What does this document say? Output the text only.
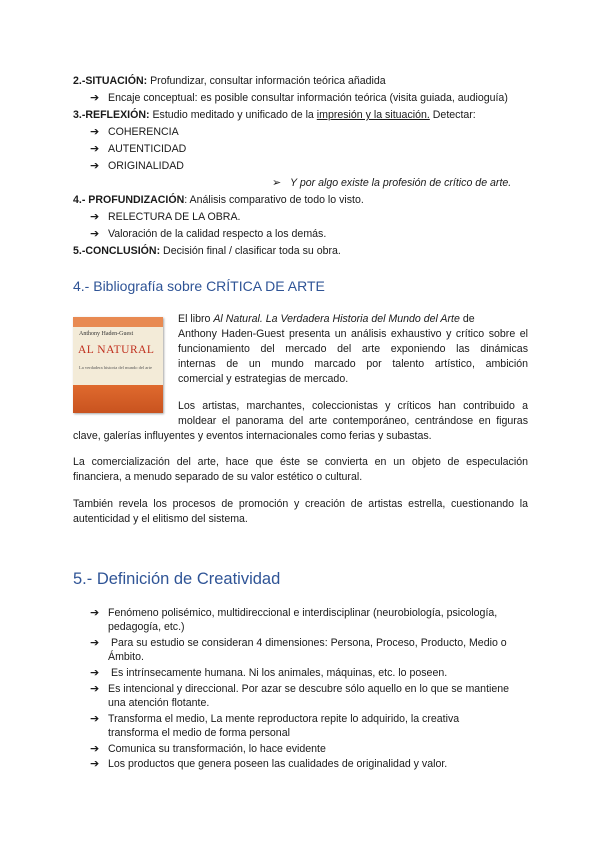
2.-SITUACIÓN: Profundizar, consultar información teórica añadida
➔ Encaje conceptual: es posible consultar información teórica (visita guiada, audioguía)
3.-REFLEXIÓN: Estudio meditado y unificado de la impresión y la situación. Detectar:
➔ COHERENCIA
➔ AUTENTICIDAD
➔ ORIGINALIDAD
➢ Y por algo existe la profesión de crítico de arte.
4.- PROFUNDIZACIÓN: Análisis comparativo de todo lo visto.
➔ RELECTURA DE LA OBRA.
➔ Valoración de la calidad respecto a los demás.
5.-CONCLUSIÓN: Decisión final / clasificar toda su obra.
4.- Bibliografía sobre CRÍTICA DE ARTE
Anthony Haden-Guest
AL NATURAL
La verdadera historia del mundo del arte
El libro Al Natural. La Verdadera Historia del Mundo del Arte de
Anthony Haden-Guest presenta un análisis exhaustivo y crítico sobre el
funcionamiento del mercado del arte exponiendo las dinámicas
internas de un mundo marcado por talento artístico, ambición
comercial y estrategias de mercado.
Los artistas, marchantes, coleccionistas y críticos han contribuido a
moldear el panorama del arte contemporáneo, centrándose en figuras
clave, galerías influyentes y eventos internacionales como ferias y subastas.
La comercialización del arte, hace que éste se convierta en un objeto de especulación financiera, a menudo separado de su valor estético o cultural.
También revela los procesos de promoción y creación de artistas estrella, cuestionando la autenticidad y el elitismo del sistema.
5.- Definición de Creatividad
➔ Fenómeno polisémico, multidireccional e interdisciplinar (neurobiología, psicología,
pedagogía, etc.)
➔ Para su estudio se consideran 4 dimensiones: Persona, Proceso, Producto, Medio o
Ámbito.
➔ Es intrínsecamente humana. Ni los animales, máquinas, etc. lo poseen.
➔ Es intencional y direccional. Por azar se descubre sólo aquello en lo que se mantiene
una atención flotante.
➔ Transforma el medio, La mente reproductora repite lo adquirido, la creativa
transforma el medio de forma personal
➔ Comunica su transformación, lo hace evidente
➔ Los productos que genera poseen las cualidades de originalidad y valor.
